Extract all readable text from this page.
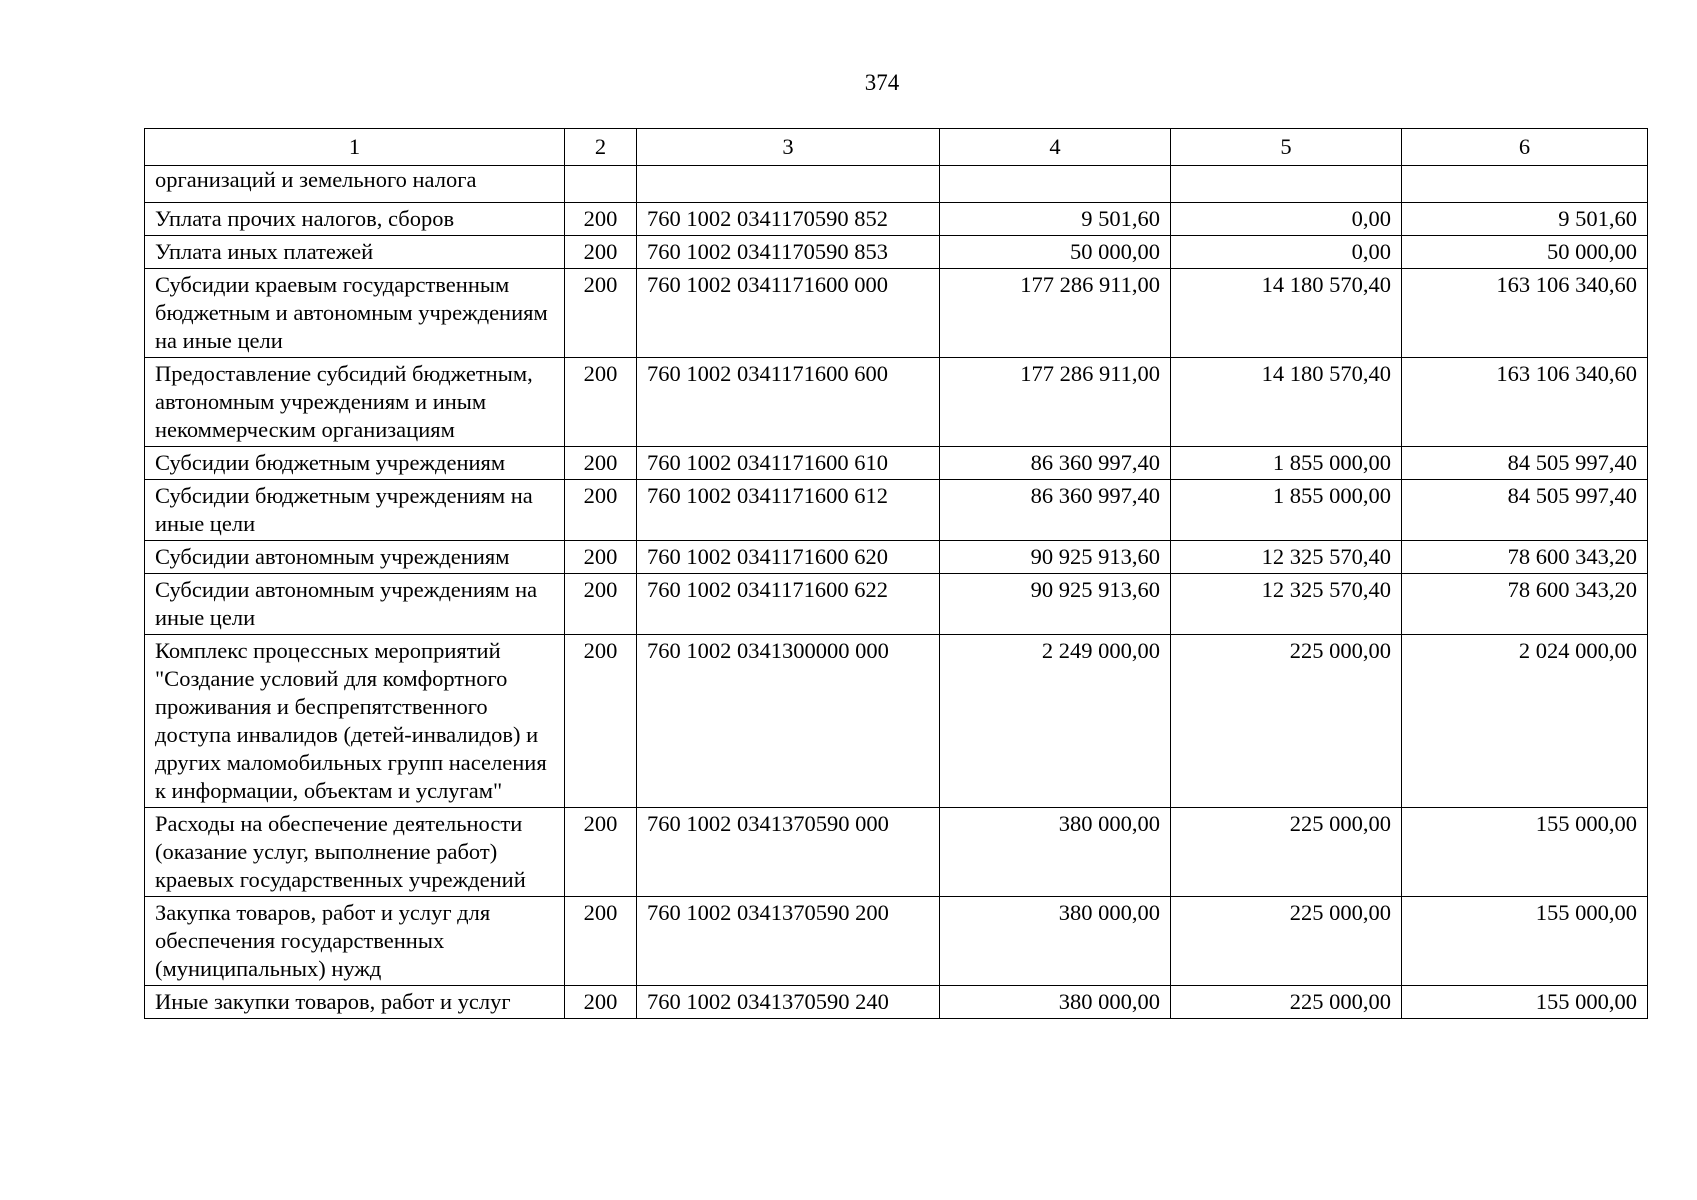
374
1	2	3	4	5	6
организаций и земельного налога					
Уплата прочих налогов, сборов	200	760 1002 0341170590 852	9 501,60	0,00	9 501,60
Уплата иных платежей	200	760 1002 0341170590 853	50 000,00	0,00	50 000,00
Субсидии краевым государственным бюджетным и автономным учреждениям на иные цели	200	760 1002 0341171600 000	177 286 911,00	14 180 570,40	163 106 340,60
Предоставление субсидий бюджетным, автономным учреждениям и иным некоммерческим организациям	200	760 1002 0341171600 600	177 286 911,00	14 180 570,40	163 106 340,60
Субсидии бюджетным учреждениям	200	760 1002 0341171600 610	86 360 997,40	1 855 000,00	84 505 997,40
Субсидии бюджетным учреждениям на иные цели	200	760 1002 0341171600 612	86 360 997,40	1 855 000,00	84 505 997,40
Субсидии автономным учреждениям	200	760 1002 0341171600 620	90 925 913,60	12 325 570,40	78 600 343,20
Субсидии автономным учреждениям на иные цели	200	760 1002 0341171600 622	90 925 913,60	12 325 570,40	78 600 343,20
Комплекс процессных мероприятий "Создание условий для комфортного проживания и беспрепятственного доступа инвалидов (детей-инвалидов) и других маломобильных групп населения к информации, объектам и услугам"	200	760 1002 0341300000 000	2 249 000,00	225 000,00	2 024 000,00
Расходы на обеспечение деятельности (оказание услуг, выполнение работ) краевых государственных учреждений	200	760 1002 0341370590 000	380 000,00	225 000,00	155 000,00
Закупка товаров, работ и услуг для обеспечения государственных (муниципальных) нужд	200	760 1002 0341370590 200	380 000,00	225 000,00	155 000,00
Иные закупки товаров, работ и услуг	200	760 1002 0341370590 240	380 000,00	225 000,00	155 000,00
